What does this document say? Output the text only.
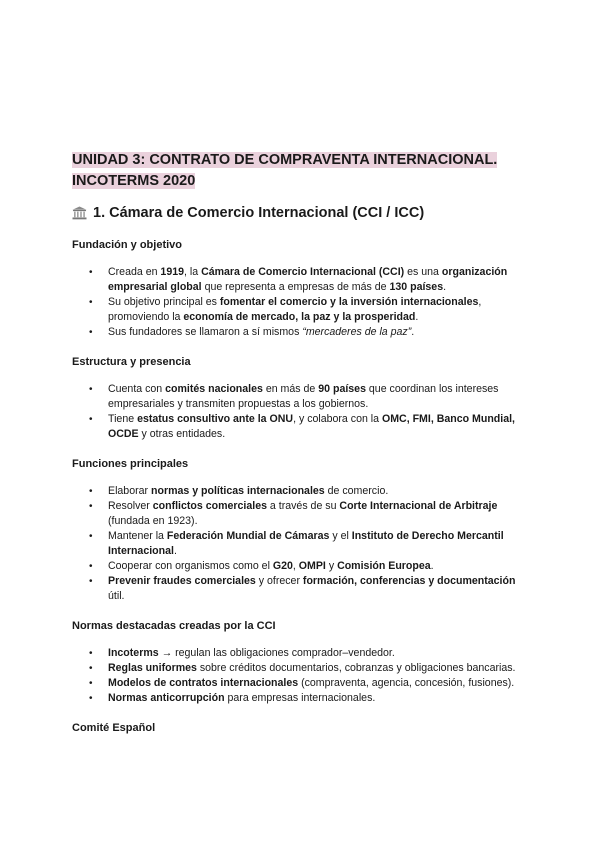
UNIDAD 3: CONTRATO DE COMPRAVENTA INTERNACIONAL.
INCOTERMS 2020
1. Cámara de Comercio Internacional (CCI / ICC)
Fundación y objetivo
• Creada en 1919, la Cámara de Comercio Internacional (CCI) es una organización empresarial global que representa a empresas de más de 130 países.
• Su objetivo principal es fomentar el comercio y la inversión internacionales, promoviendo la economía de mercado, la paz y la prosperidad.
• Sus fundadores se llamaron a sí mismos “mercaderes de la paz”.
Estructura y presencia
• Cuenta con comités nacionales en más de 90 países que coordinan los intereses empresariales y transmiten propuestas a los gobiernos.
• Tiene estatus consultivo ante la ONU, y colabora con la OMC, FMI, Banco Mundial, OCDE y otras entidades.
Funciones principales
• Elaborar normas y políticas internacionales de comercio.
• Resolver conflictos comerciales a través de su Corte Internacional de Arbitraje (fundada en 1923).
• Mantener la Federación Mundial de Cámaras y el Instituto de Derecho Mercantil Internacional.
• Cooperar con organismos como el G20, OMPI y Comisión Europea.
• Prevenir fraudes comerciales y ofrecer formación, conferencias y documentación útil.
Normas destacadas creadas por la CCI
• Incoterms → regulan las obligaciones comprador–vendedor.
• Reglas uniformes sobre créditos documentarios, cobranzas y obligaciones bancarias.
• Modelos de contratos internacionales (compraventa, agencia, concesión, fusiones).
• Normas anticorrupción para empresas internacionales.
Comité Español
